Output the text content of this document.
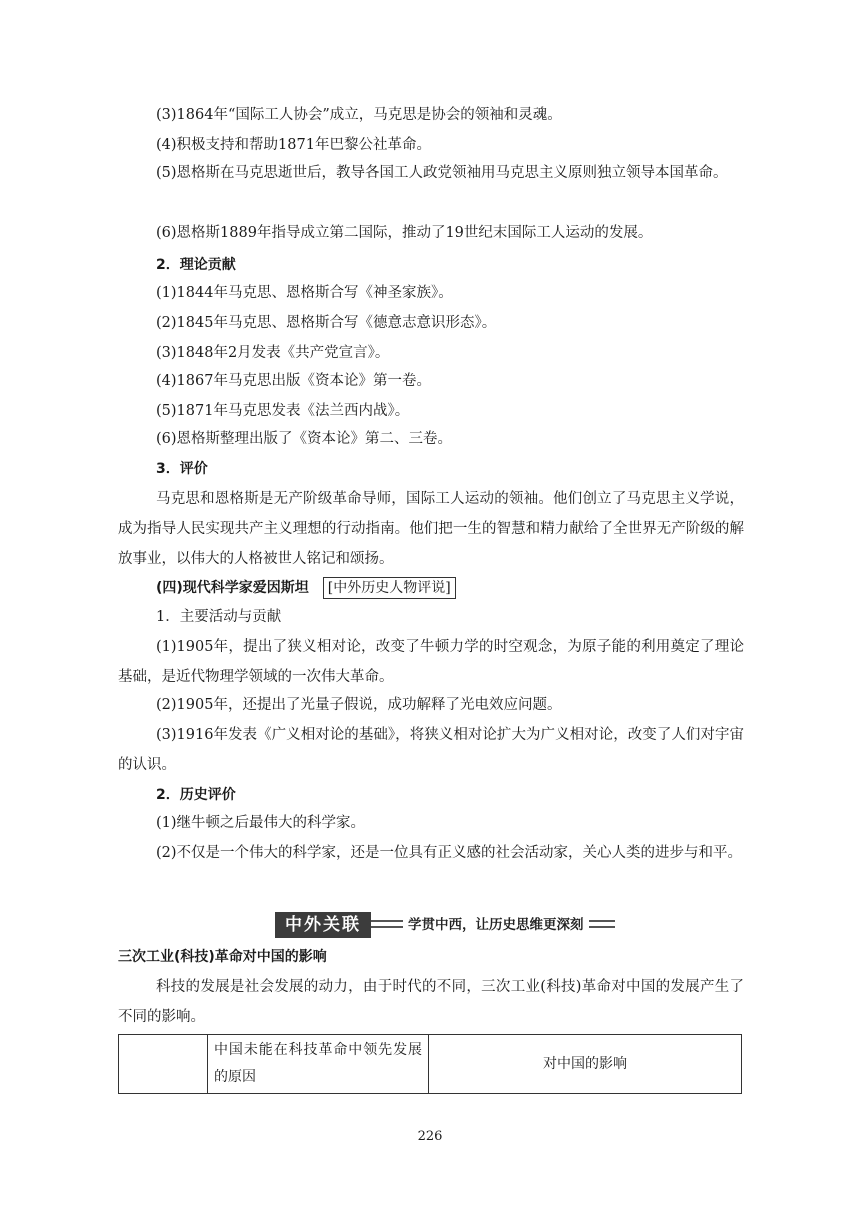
(3)1864年“国际工人协会”成立，马克思是协会的领袖和灵魂。

(4)积极支持和帮助1871年巴黎公社革命。

(5)恩格斯在马克思逝世后，教导各国工人政党领袖用马克思主义原则独立领导本国革命。

(6)恩格斯1889年指导成立第二国际，推动了19世纪末国际工人运动的发展。

2．理论贡献

(1)1844年马克思、恩格斯合写《神圣家族》。

(2)1845年马克思、恩格斯合写《德意志意识形态》。

(3)1848年2月发表《共产党宣言》。

(4)1867年马克思出版《资本论》第一卷。

(5)1871年马克思发表《法兰西内战》。

(6)恩格斯整理出版了《资本论》第二、三卷。

3．评价

马克思和恩格斯是无产阶级革命导师，国际工人运动的领袖。他们创立了马克思主义学说，成为指导人民实现共产主义理想的行动指南。他们把一生的智慧和精力献给了全世界无产阶级的解放事业，以伟大的人格被世人铭记和颂扬。

(四)现代科学家爱因斯坦 [中外历史人物评说]

1．主要活动与贡献

(1)1905年，提出了狭义相对论，改变了牛顿力学的时空观念，为原子能的利用奠定了理论基础，是近代物理学领域的一次伟大革命。

(2)1905年，还提出了光量子假说，成功解释了光电效应问题。

(3)1916年发表《广义相对论的基础》，将狭义相对论扩大为广义相对论，改变了人们对宇宙的认识。

2．历史评价

(1)继牛顿之后最伟大的科学家。

(2)不仅是一个伟大的科学家，还是一位具有正义感的社会活动家，关心人类的进步与和平。

中外关联	学贯中西，让历史思维更深刻

三次工业(科技)革命对中国的影响

科技的发展是社会发展的动力，由于时代的不同，三次工业(科技)革命对中国的发展产生了不同的影响。

	中国未能在科技革命中领先发展的原因	对中国的影响
226
